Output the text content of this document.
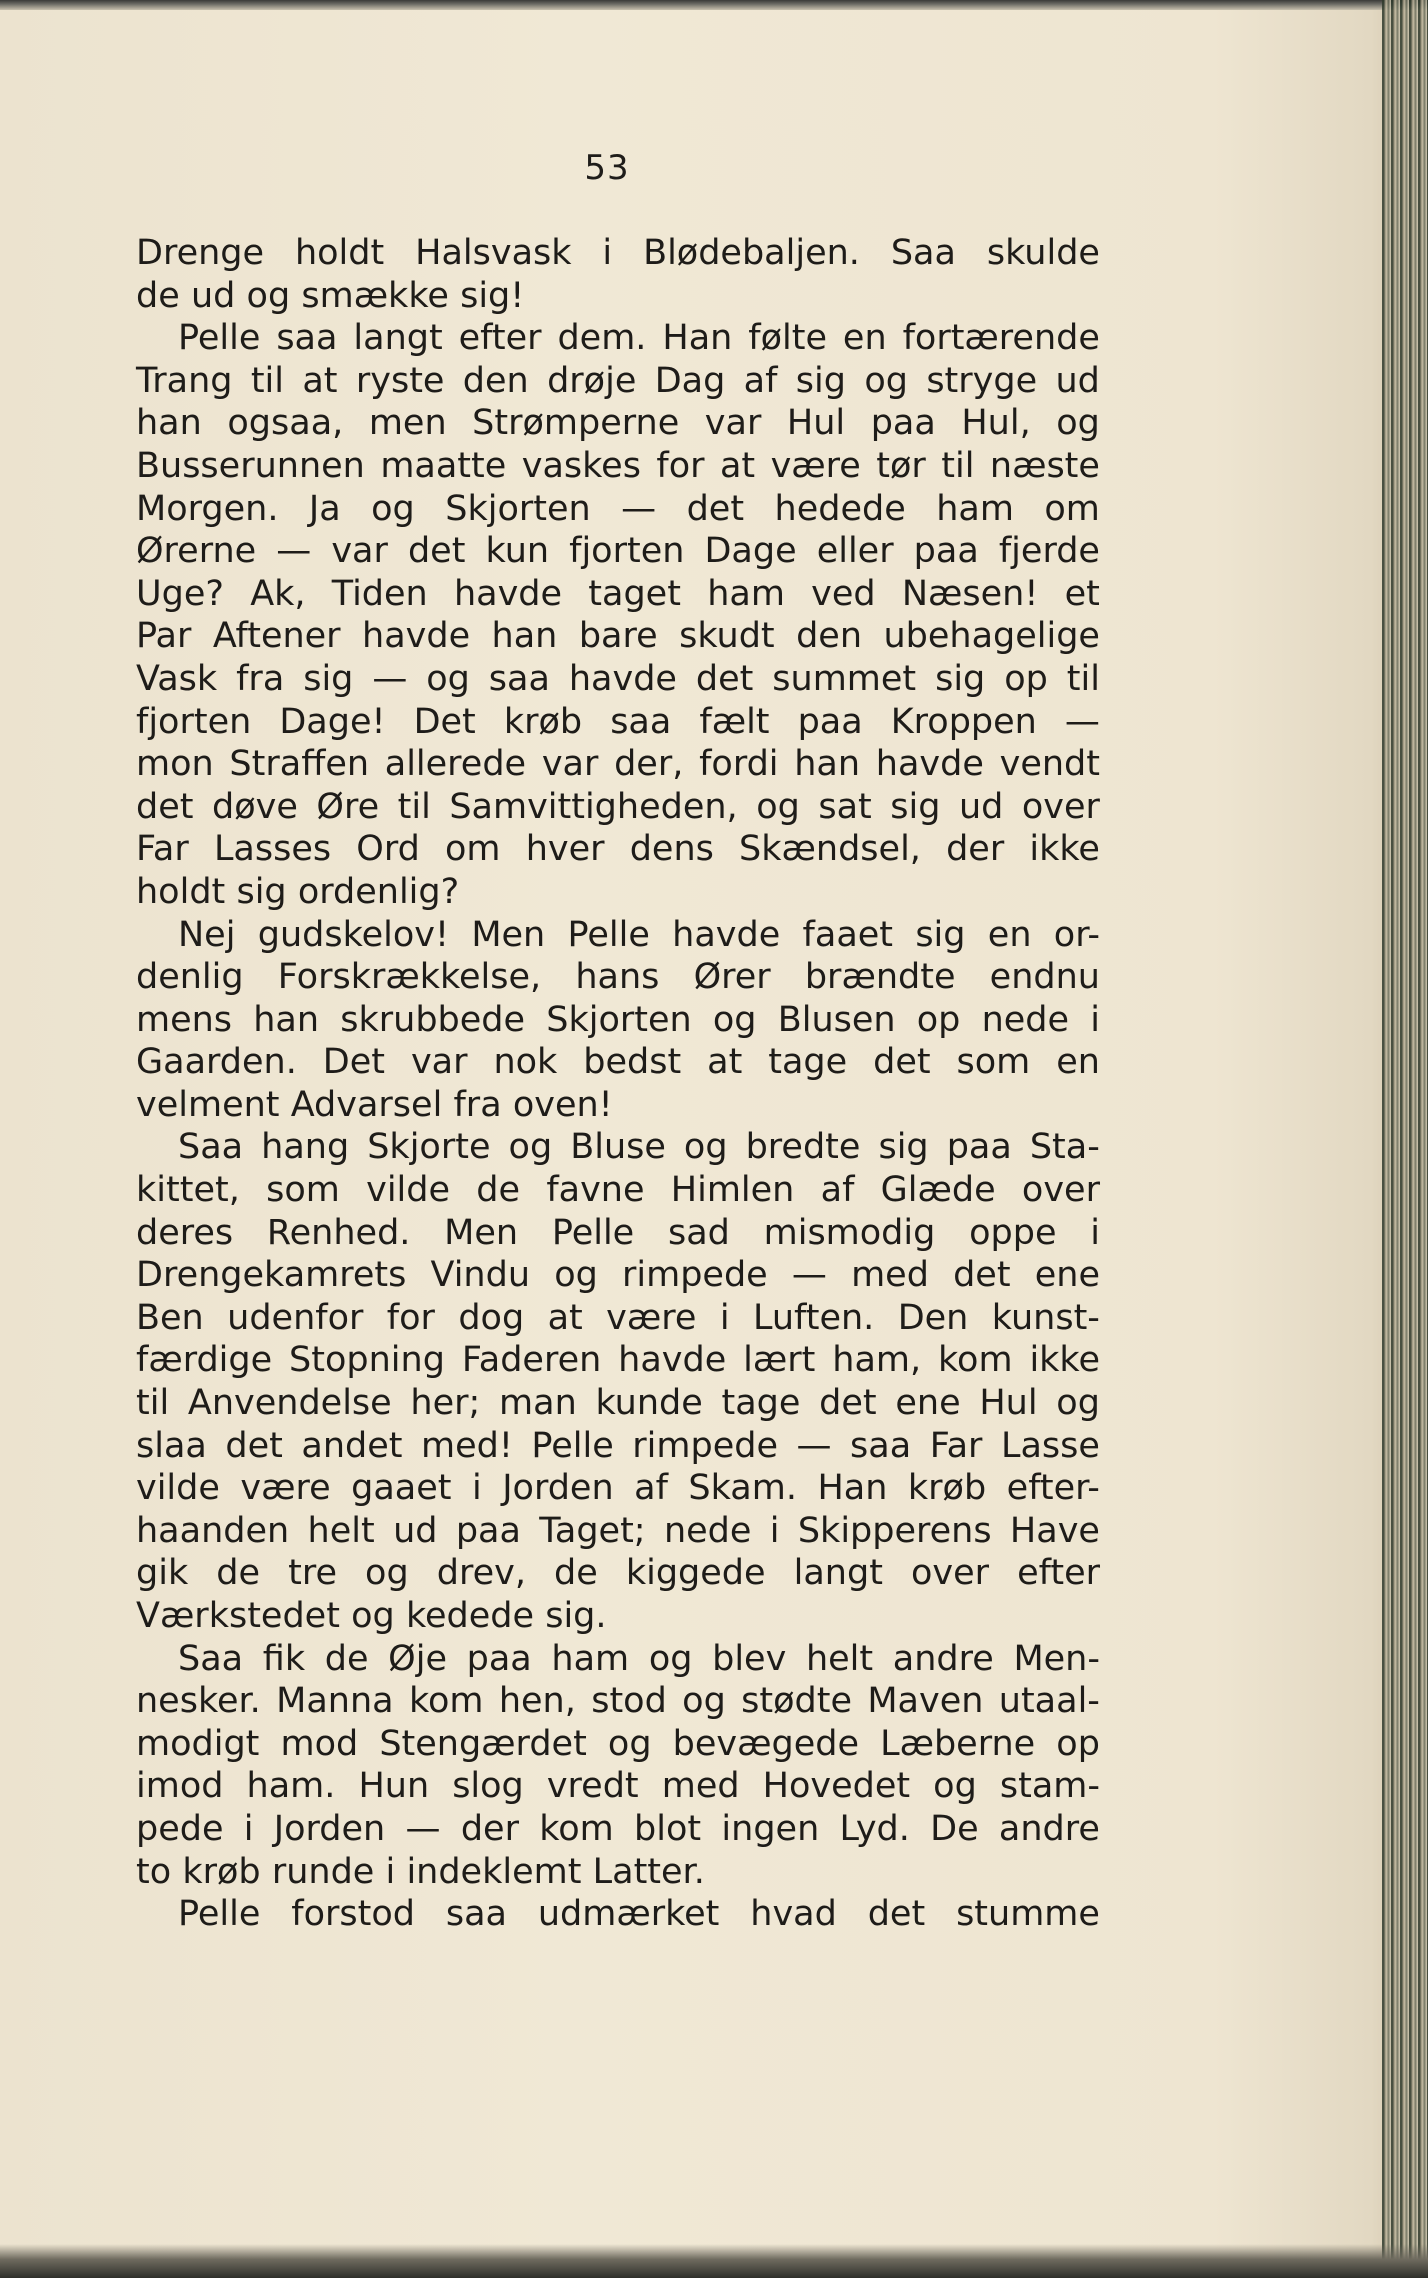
53
Drenge holdt Halsvask i Blødebaljen. Saa skulde
de ud og smække sig!
Pelle saa langt efter dem. Han følte en fortærende
Trang til at ryste den drøje Dag af sig og stryge ud
han ogsaa, men Strømperne var Hul paa Hul, og
Busserunnen maatte vaskes for at være tør til næste
Morgen. Ja og Skjorten — det hedede ham om
Ørerne — var det kun fjorten Dage eller paa fjerde
Uge? Ak, Tiden havde taget ham ved Næsen! et
Par Aftener havde han bare skudt den ubehagelige
Vask fra sig — og saa havde det summet sig op til
fjorten Dage! Det krøb saa fælt paa Kroppen —
mon Straffen allerede var der, fordi han havde vendt
det døve Øre til Samvittigheden, og sat sig ud over
Far Lasses Ord om hver dens Skændsel, der ikke
holdt sig ordenlig?
Nej gudskelov! Men Pelle havde faaet sig en or-
denlig Forskrækkelse, hans Ører brændte endnu
mens han skrubbede Skjorten og Blusen op nede i
Gaarden. Det var nok bedst at tage det som en
velment Advarsel fra oven!
Saa hang Skjorte og Bluse og bredte sig paa Sta-
kittet, som vilde de favne Himlen af Glæde over
deres Renhed. Men Pelle sad mismodig oppe i
Drengekamrets Vindu og rimpede — med det ene
Ben udenfor for dog at være i Luften. Den kunst-
færdige Stopning Faderen havde lært ham, kom ikke
til Anvendelse her; man kunde tage det ene Hul og
slaa det andet med! Pelle rimpede — saa Far Lasse
vilde være gaaet i Jorden af Skam. Han krøb efter-
haanden helt ud paa Taget; nede i Skipperens Have
gik de tre og drev, de kiggede langt over efter
Værkstedet og kedede sig.
Saa fik de Øje paa ham og blev helt andre Men-
nesker. Manna kom hen, stod og stødte Maven utaal-
modigt mod Stengærdet og bevægede Læberne op
imod ham. Hun slog vredt med Hovedet og stam-
pede i Jorden — der kom blot ingen Lyd. De andre
to krøb runde i indeklemt Latter.
Pelle forstod saa udmærket hvad det stumme
